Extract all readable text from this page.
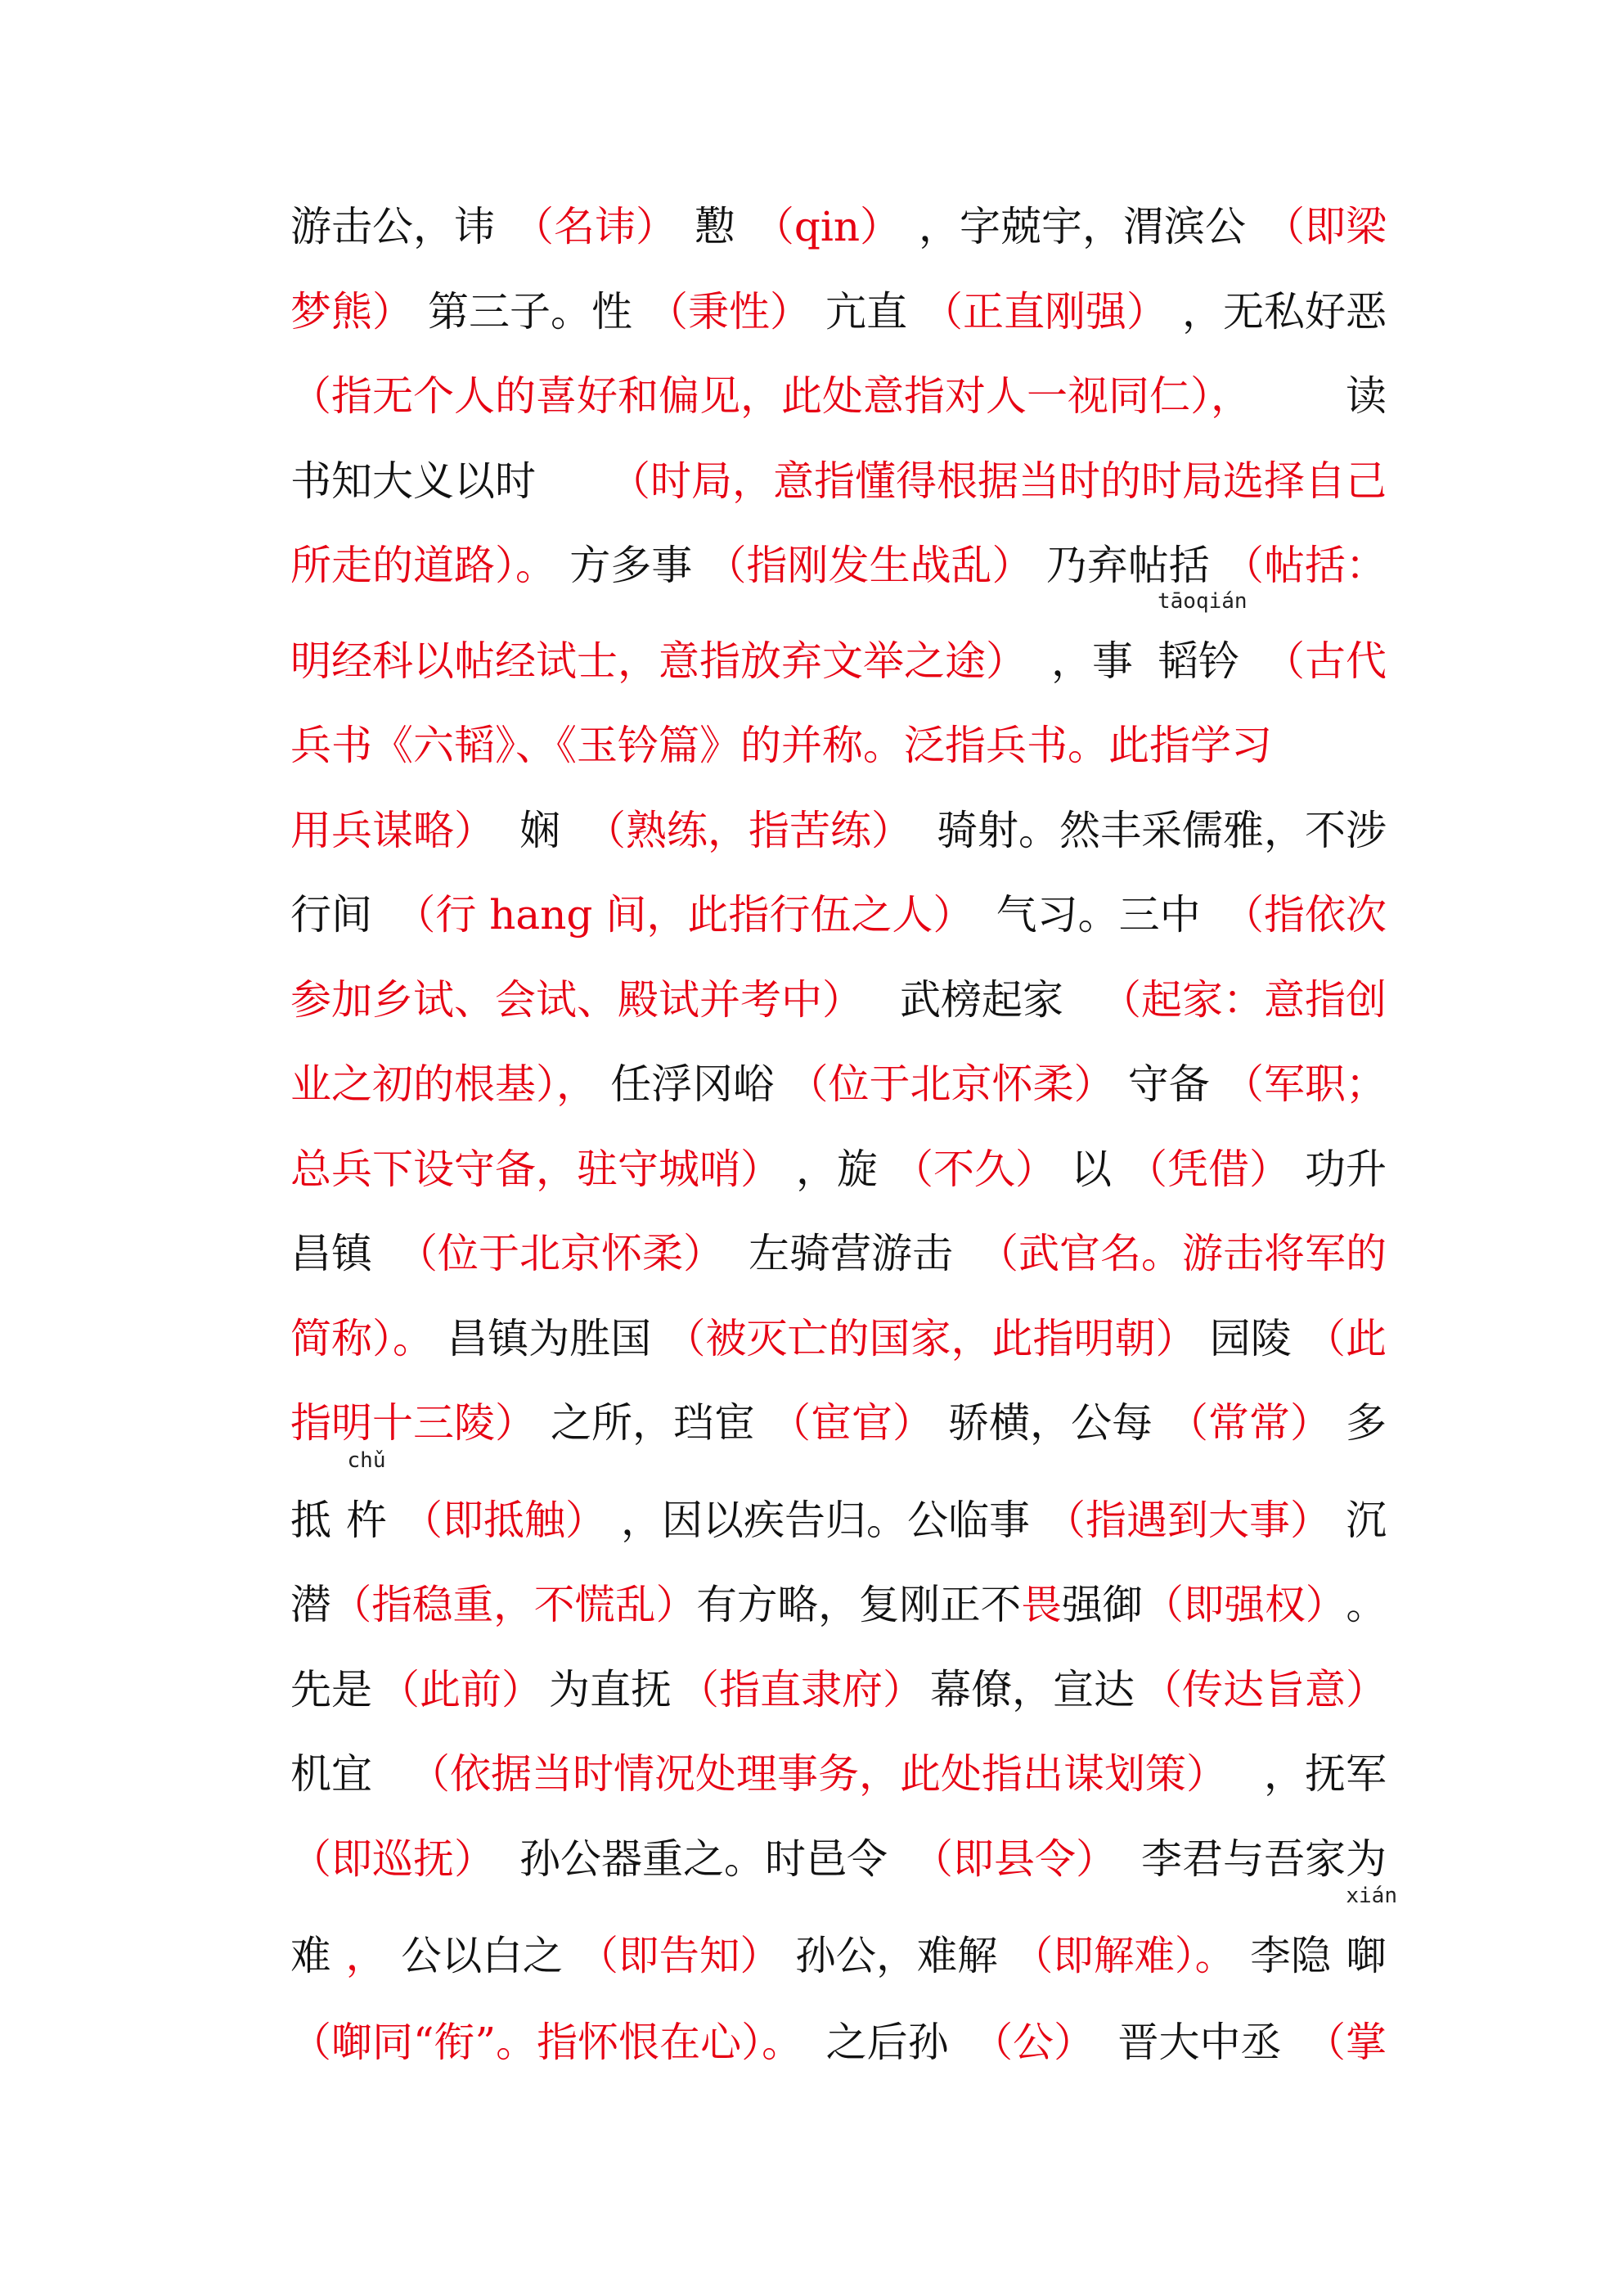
游击公，讳 （名讳） 懃 （qin） ，字兢宇，渭滨公 （即梁
梦熊） 第三子。性 （秉性） 亢直 （正直刚强） ，无私好恶
（指无个人的喜好和偏见，此处意指对人一视同仁）， 读
书知大义以时 （时局，意指懂得根据当时的时局选择自己
所走的道路）。 方多事 （指刚发生战乱） 乃弃帖括 （帖括：
明经科以帖经试士，意指放弃文举之途） ，事
tāoqián
韬钤 （古代
兵书《六韬》、《玉钤篇》的并称。泛指兵书。此指学习
用兵谋略） 娴 （熟练，指苦练） 骑射。然丰采儒雅，不涉
行间 （行 hang 间，此指行伍之人） 气习。三中 （指依次
参加乡试、会试、殿试并考中） 武榜起家 （起家：意指创
业之初的根基）， 任浮冈峪 （位于北京怀柔） 守备 （军职；
总兵下设守备，驻守城哨） ，旋 （不久） 以 （凭借） 功升
昌镇 （位于北京怀柔） 左骑营游击 （武官名。游击将军的
简称）。 昌镇为胜国 （被灭亡的国家，此指明朝） 园陵 （此
指明十三陵） 之所，珰宦 （宦官） 骄横，公每 （常常） 多
抵
chǔ
杵 （即抵触） ，因以疾告归。公临事 （指遇到大事） 沉
潜 （指稳重，不慌乱） 有方略，复刚正不 畏 强御 （即强权） 。
先是 （此前） 为直抚 （指直隶府） 幕僚，宣达 （传达旨意）
机宜 （依据当时情况处理事务，此处指出谋划策） ，抚军
（即巡抚） 孙公器重之。时邑令 （即县令） 李君与吾家为
难 ， 公以白之 （即告知） 孙公，难解 （即解难）。 李隐
xián
啣
（啣同“衔”。指怀恨在心）。 之后孙 （公） 晋大中丞 （掌
